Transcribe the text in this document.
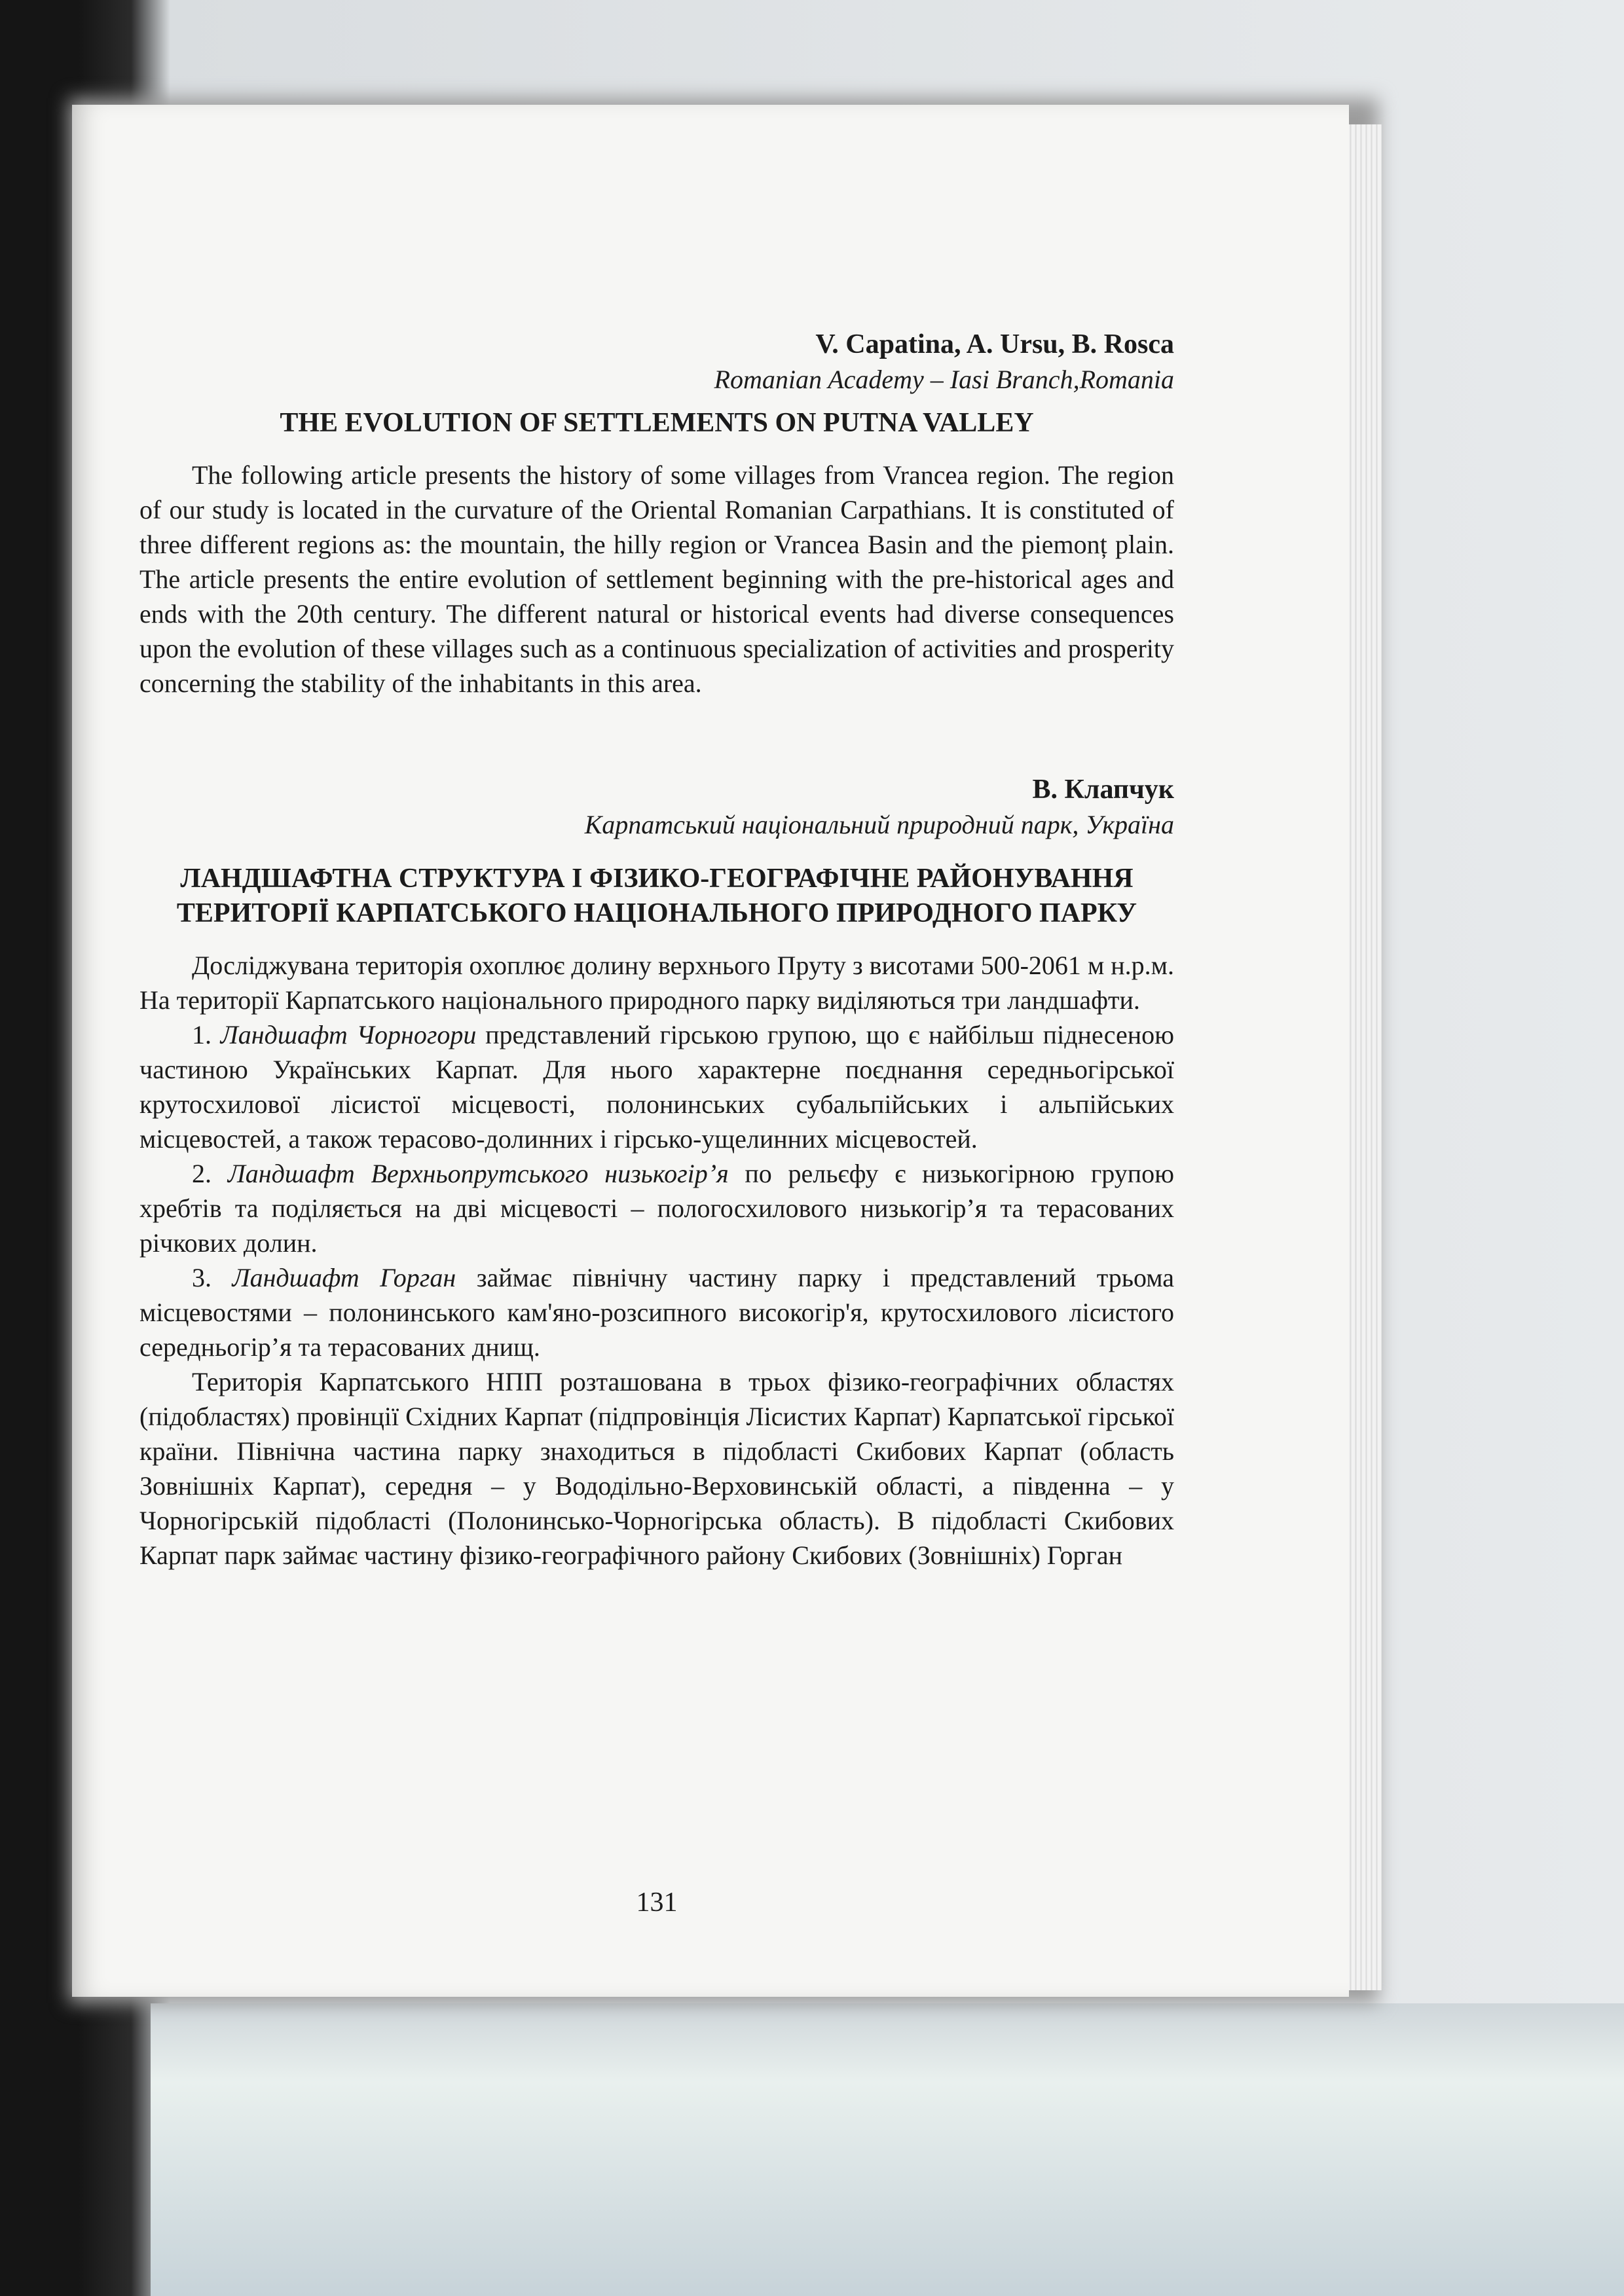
V. Capatina, A. Ursu, B. Rosca

Romanian Academy – Iasi Branch,Romania

THE EVOLUTION OF SETTLEMENTS ON PUTNA VALLEY

The following article presents the history of some villages from Vrancea region. The region of our study is located in the curvature of the Oriental Romanian Carpathians. It is constituted of three different regions as: the mountain, the hilly region or Vrancea Basin and the piemonț plain. The article presents the entire evolution of settlement beginning with the pre-historical ages and ends with the 20th century. The different natural or historical events had diverse consequences upon the evolution of these villages such as a continuous specialization of activities and prosperity concerning the stability of the inhabitants in this area.

В. Клапчук

Карпатський національний природний парк, Україна

ЛАНДШАФТНА СТРУКТУРА І ФІЗИКО-ГЕОГРАФІЧНЕ РАЙОНУВАННЯ ТЕРИТОРІЇ КАРПАТСЬКОГО НАЦІОНАЛЬНОГО ПРИРОДНОГО ПАРКУ

Досліджувана територія охоплює долину верхнього Пруту з висотами 500-2061 м н.р.м. На території Карпатського національного природного парку виділяються три ландшафти.

1. Ландшафт Чорногори представлений гірською групою, що є найбільш піднесеною частиною Українських Карпат. Для нього характерне поєднання середньогірської крутосхилової лісистої місцевості, полонинських субальпійських і альпійських місцевостей, а також терасово-долинних і гірсько-ущелинних місцевостей.

2. Ландшафт Верхньопрутського низькогір’я по рельєфу є низькогірною групою хребтів та поділяється на дві місцевості – пологосхилового низькогір’я та терасованих річкових долин.

3. Ландшафт Горган займає північну частину парку і представлений трьома місцевостями – полонинського кам'яно-розсипного високогір'я, крутосхилового лісистого середньогір’я та терасованих днищ.

Територія Карпатського НПП розташована в трьох фізико-географічних областях (підобластях) провінції Східних Карпат (підпровінція Лісистих Карпат) Карпатської гірської країни. Північна частина парку знаходиться в підобласті Скибових Карпат (область Зовнішніх Карпат), середня – у Вододільно-Верховинській області, а південна – у Чорногірській підобласті (Полонинсько-Чорногірська область). В підобласті Скибових Карпат парк займає частину фізико-географічного району Скибових (Зовнішніх) Горган

131
